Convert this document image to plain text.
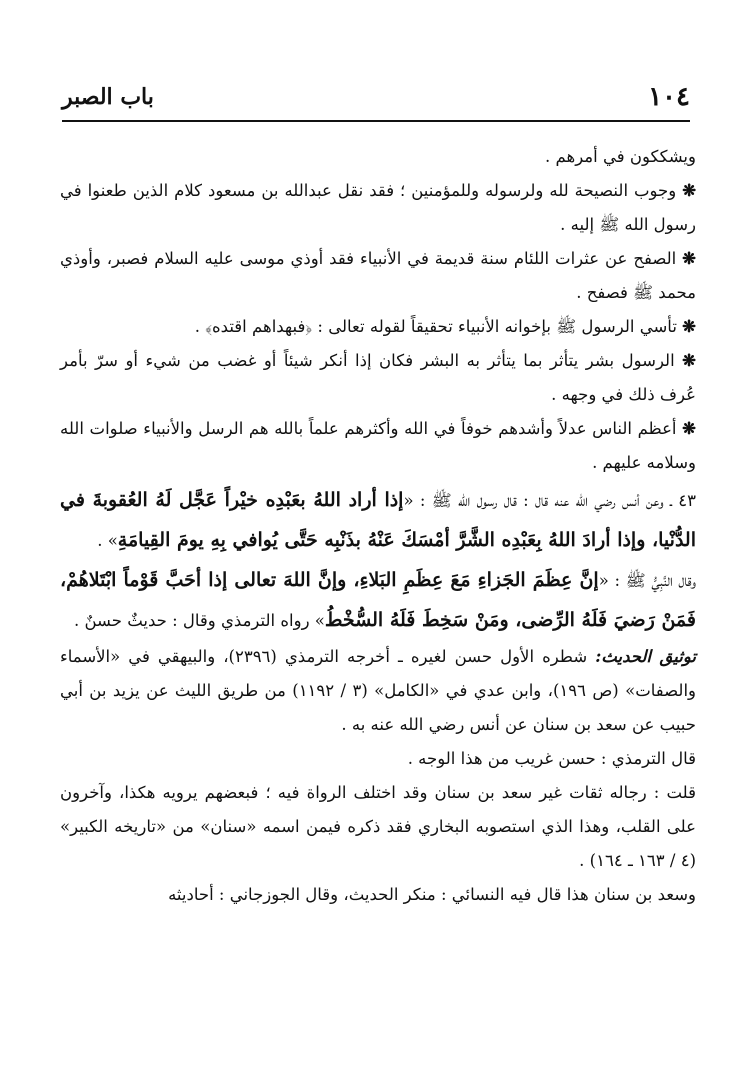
١٠٤
باب الصبر

ويشككون في أمرهم .

❋ وجوب النصيحة لله ولرسوله وللمؤمنين ؛ فقد نقل عبدالله بن مسعود كلام الذين طعنوا في رسول الله ﷺ إليه .

❋ الصفح عن عثرات اللئام سنة قديمة في الأنبياء فقد أوذي موسى عليه السلام فصبر، وأوذي محمد ﷺ فصفح .

❋ تأسي الرسول ﷺ بإخوانه الأنبياء تحقيقاً لقوله تعالى : ﴿فبهداهم اقتده﴾ .

❋ الرسول بشر يتأثر بما يتأثر به البشر فكان إذا أنكر شيئاً أو غضب من شيء أو سرّ بأمر عُرف ذلك في وجهه .

❋ أعظم الناس عدلاً وأشدهم خوفاً في الله وأكثرهم علماً بالله هم الرسل والأنبياء صلوات الله وسلامه عليهم .

٤٣ ـ وعن أنس رضي الله عنه قال : قال رسول الله ﷺ : «إذا أراد اللهُ بعَبْدِه خيْراً عَجَّل لَهُ العُقوبةَ في الدُّنْيا، وإذا أرادَ اللهُ بِعَبْدِه الشَّرَّ أمْسَكَ عَنْهُ بذَنْبِه حَتَّى يُوافي بِهِ يومَ القِيامَةِ» .

وقال النَّبِيُّ ﷺ : «إنَّ عِظَمَ الجَزاءِ مَعَ عِظَمِ البَلاءِ، وإنَّ اللهَ تعالى إذا أحَبَّ قَوْماً ابْتَلاهُمْ، فَمَنْ رَضيَ فَلَهُ الرِّضى، ومَنْ سَخِطَ فَلَهُ السُّخْطُ» رواه الترمذي وقال : حديثٌ حسنٌ .

توثيق الحديث: شطره الأول حسن لغيره ـ أخرجه الترمذي (٢٣٩٦)، والبيهقي في «الأسماء والصفات» (ص ١٩٦)، وابن عدي في «الكامل» (٣ / ١١٩٢) من طريق الليث عن يزيد بن أبي حبيب عن سعد بن سنان عن أنس رضي الله عنه به .

قال الترمذي : حسن غريب من هذا الوجه .

قلت : رجاله ثقات غير سعد بن سنان وقد اختلف الرواة فيه ؛ فبعضهم يرويه هكذا، وآخرون على القلب، وهذا الذي استصوبه البخاري فقد ذكره فيمن اسمه «سنان» من «تاريخه الكبير» (٤ / ١٦٣ ـ ١٦٤) .

وسعد بن سنان هذا قال فيه النسائي : منكر الحديث، وقال الجوزجاني : أحاديثه
